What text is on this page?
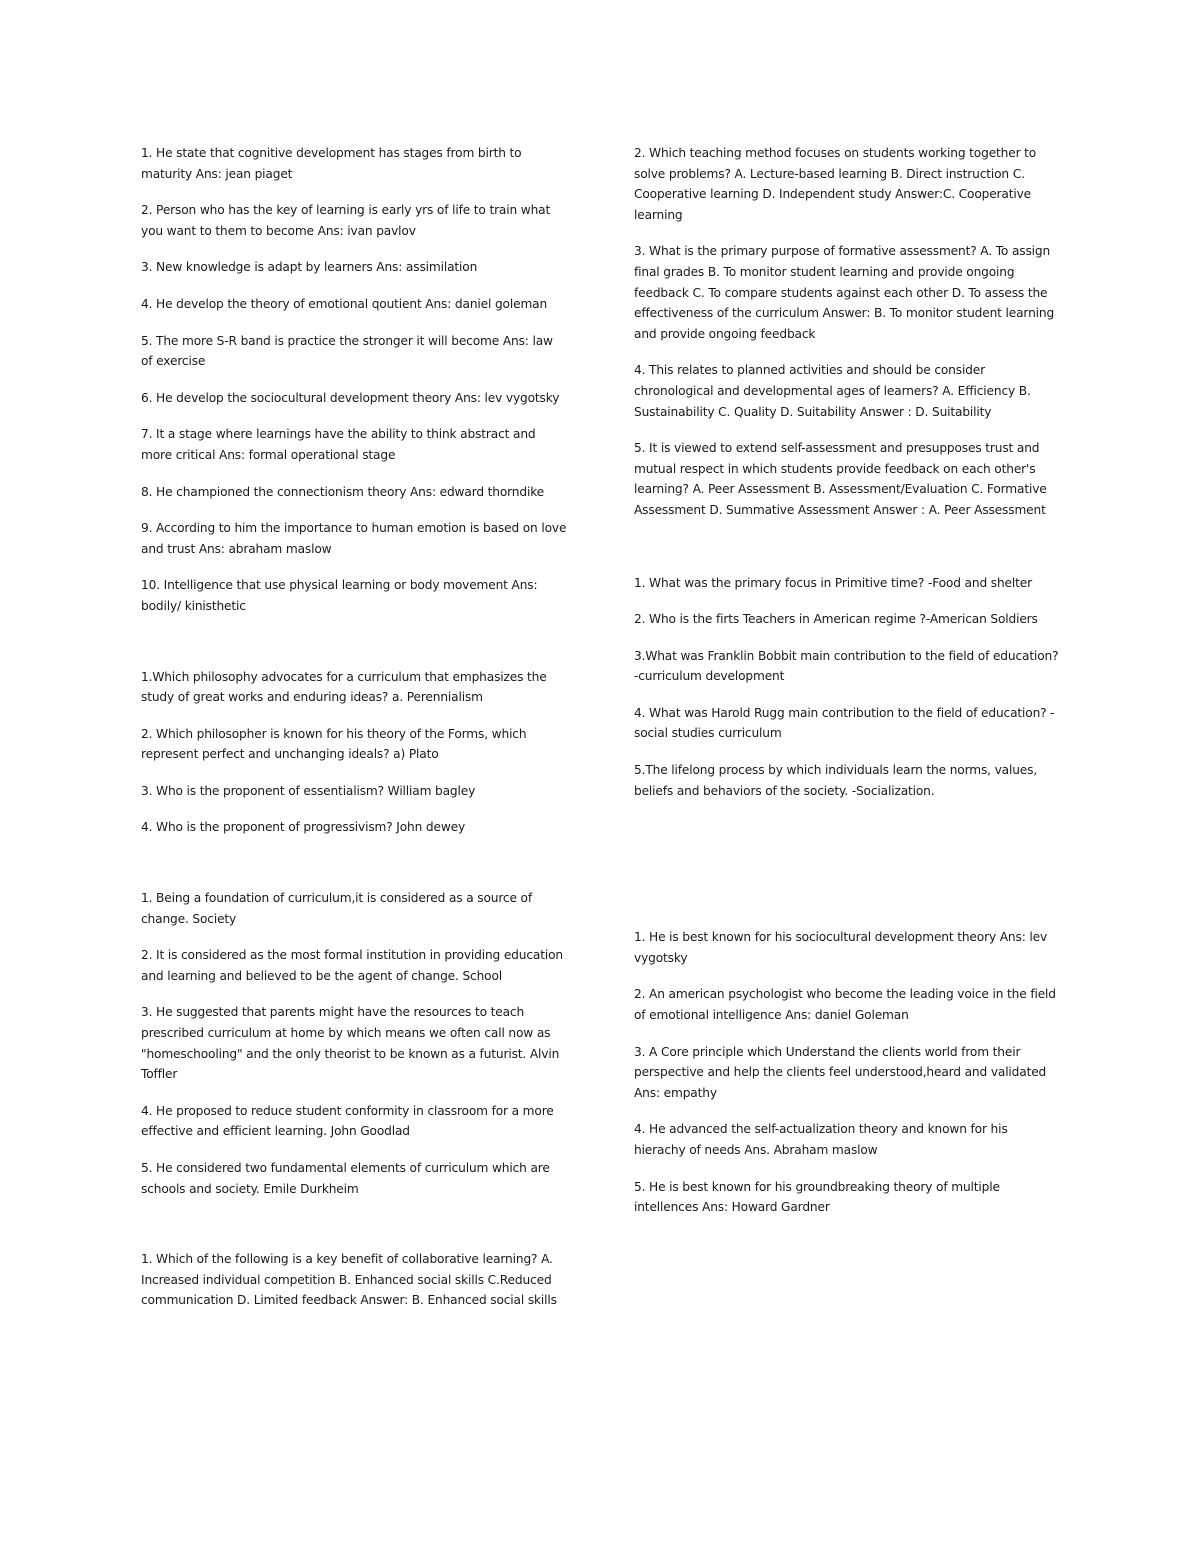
1. He state that cognitive development has stages from birth to maturity Ans: jean piaget

2. Person who has the key of learning is early yrs of life to train what you want to them to become Ans: ivan pavlov

3. New knowledge is adapt by learners Ans: assimilation

4. He develop the theory of emotional qoutient Ans: daniel goleman

5. The more S-R band is practice the stronger it will become Ans: law of exercise

6. He develop the sociocultural development theory Ans: lev vygotsky

7. It a stage where learnings have the ability to think abstract and more critical Ans: formal operational stage

8. He championed the connectionism theory Ans: edward thorndike

9. According to him the importance to human emotion is based on love and trust Ans: abraham maslow

10. Intelligence that use physical learning or body movement Ans: bodily/ kinisthetic

1.Which philosophy advocates for a curriculum that emphasizes the study of great works and enduring ideas? a. Perennialism

2. Which philosopher is known for his theory of the Forms, which represent perfect and unchanging ideals? a) Plato

3. Who is the proponent of essentialism? William bagley

4. Who is the proponent of progressivism? John dewey

1. Being a foundation of curriculum,it is considered as a source of change. Society

2. It is considered as the most formal institution in providing education and learning and believed to be the agent of change. School

3. He suggested that parents might have the resources to teach prescribed curriculum at home by which means we often call now as "homeschooling" and the only theorist to be known as a futurist. Alvin Toffler

4. He proposed to reduce student conformity in classroom for a more effective and efficient learning. John Goodlad

5. He considered two fundamental elements of curriculum which are schools and society. Emile Durkheim

1. Which of the following is a key benefit of collaborative learning? A. Increased individual competition B. Enhanced social skills C.Reduced communication D. Limited feedback Answer: B. Enhanced social skills

2. Which teaching method focuses on students working together to solve problems? A. Lecture-based learning B. Direct instruction C. Cooperative learning D. Independent study Answer:C. Cooperative learning

3. What is the primary purpose of formative assessment? A. To assign final grades B. To monitor student learning and provide ongoing feedback C. To compare students against each other D. To assess the effectiveness of the curriculum Answer: B. To monitor student learning and provide ongoing feedback

4. This relates to planned activities and should be consider chronological and developmental ages of learners? A. Efficiency B. Sustainability C. Quality D. Suitability Answer : D. Suitability

5. It is viewed to extend self-assessment and presupposes trust and mutual respect in which students provide feedback on each other's learning? A. Peer Assessment B. Assessment/Evaluation C. Formative Assessment D. Summative Assessment Answer : A. Peer Assessment

1. What was the primary focus in Primitive time? -Food and shelter

2. Who is the firts Teachers in American regime ?-American Soldiers

3.What was Franklin Bobbit main contribution to the field of education?-curriculum development

4. What was Harold Rugg main contribution to the field of education? -social studies curriculum

5.The lifelong process by which individuals learn the norms, values, beliefs and behaviors of the society. -Socialization.

1. He is best known for his sociocultural development theory Ans: lev vygotsky

2. An american psychologist who become the leading voice in the field of emotional intelligence Ans: daniel Goleman

3. A Core principle which Understand the clients world from their perspective and help the clients feel understood,heard and validated Ans: empathy

4. He advanced the self-actualization theory and known for his hierachy of needs Ans. Abraham maslow

5. He is best known for his groundbreaking theory of multiple intellences Ans: Howard Gardner
